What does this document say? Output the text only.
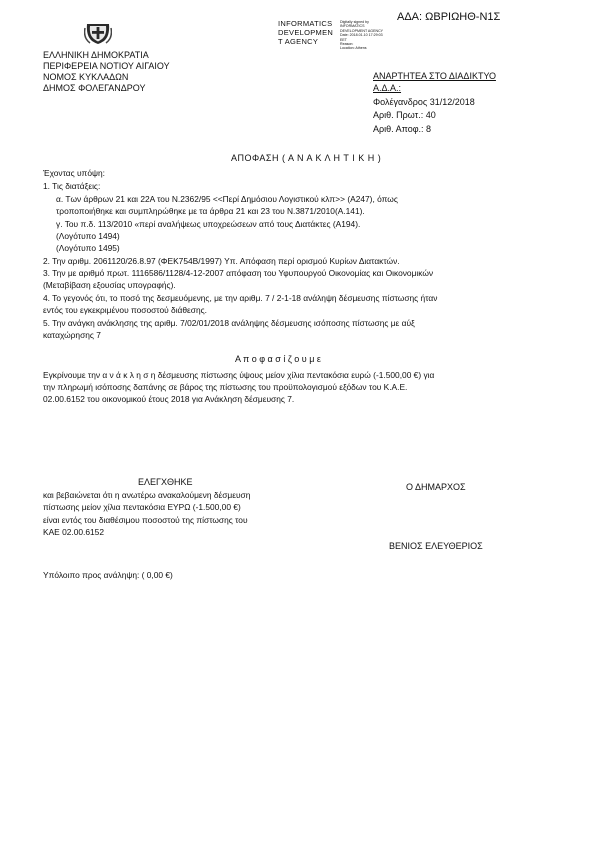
ΑΔΑ: ΩΒΡΙΩΗΘ-Ν1Σ
INFORMATICS
DEVELOPMEN
T AGENCY
Digitally signed by
INFORMATICS
DEVELOPMENT AGENCY
Date: 2018.01.10 17:29:03
EET
Reason:
Location: Athens
ΕΛΛΗΝΙΚΗ ΔΗΜΟΚΡΑΤΙΑ
ΠΕΡΙΦΕΡΕΙΑ ΝΟΤΙΟΥ ΑΙΓΑΙΟΥ
ΝΟΜΟΣ ΚΥΚΛΑΔΩΝ
ΔΗΜΟΣ ΦΟΛΕΓΑΝΔΡΟΥ
ΑΝΑΡΤΗΤΕΑ ΣΤΟ ΔΙΑΔΙΚΤΥΟ
Α.Δ.Α.:
Φολέγανδρος 31/12/2018
Αριθ. Πρωτ.: 40
Αριθ. Αποφ.: 8
ΑΠΟΦΑΣΗ ( Α Ν Α Κ Λ Η Τ Ι Κ Η )
Έχοντας υπόψη:
1. Τις διατάξεις:
α. Των άρθρων 21 και 22Α του Ν.2362/95 <<Περί Δημόσιου Λογιστικού κλπ>> (Α247), όπως
τροποποιήθηκε και συμπληρώθηκε με τα άρθρα 21 και 23 του Ν.3871/2010(Α.141).
γ. Του π.δ. 113/2010 «περί αναλήψεως υποχρεώσεων από τους Διατάκτες (Α194).
(Λογότυπο 1494)
(Λογότυπο 1495)
2. Την αριθμ. 2061120/26.8.97 (ΦΕΚ754Β/1997) Υπ. Απόφαση περί ορισμού Κυρίων Διατακτών.
3. Την με αριθμό πρωτ. 1116586/1128/4-12-2007 απόφαση του Υφυπουργού Οικονομίας και Οικονομικών
(Μεταβίβαση εξουσίας υπογραφής).
4. Το γεγονός ότι, το ποσό της δεσμευόμενης, με την αριθμ. 7 / 2-1-18 ανάληψη δέσμευσης πίστωσης ήταν
εντός του εγκεκριμένου ποσοστού διάθεσης.
5. Την ανάγκη ανάκλησης της αριθμ. 7/02/01/2018 ανάληψης δέσμευσης ισόποσης πίστωσης με αύξ
καταχώρησης 7
Α π ο φ α σ ί ζ ο υ μ ε
Εγκρίνουμε την α ν ά κ λ η σ η δέσμευσης πίστωσης ύψους μείον χίλια πεντακόσια ευρώ (-1.500,00 €) για
την πληρωμή ισόποσης δαπάνης σε βάρος της πίστωσης του προϋπολογισμού εξόδων του Κ.Α.Ε.
02.00.6152 του οικονομικού έτους 2018 για Ανάκληση δέσμευσης 7.
ΕΛΕΓΧΘΗΚΕ
και βεβαιώνεται ότι η ανωτέρω ανακαλούμενη δέσμευση
πίστωσης μείον χίλια πεντακόσια ΕΥΡΩ (-1.500,00 €)
είναι εντός του διαθέσιμου ποσοστού της πίστωσης του
ΚΑΕ 02.00.6152
Ο ΔΗΜΑΡΧΟΣ
ΒΕΝΙΟΣ ΕΛΕΥΘΕΡΙΟΣ
Υπόλοιπο προς ανάληψη: ( 0,00 €)
